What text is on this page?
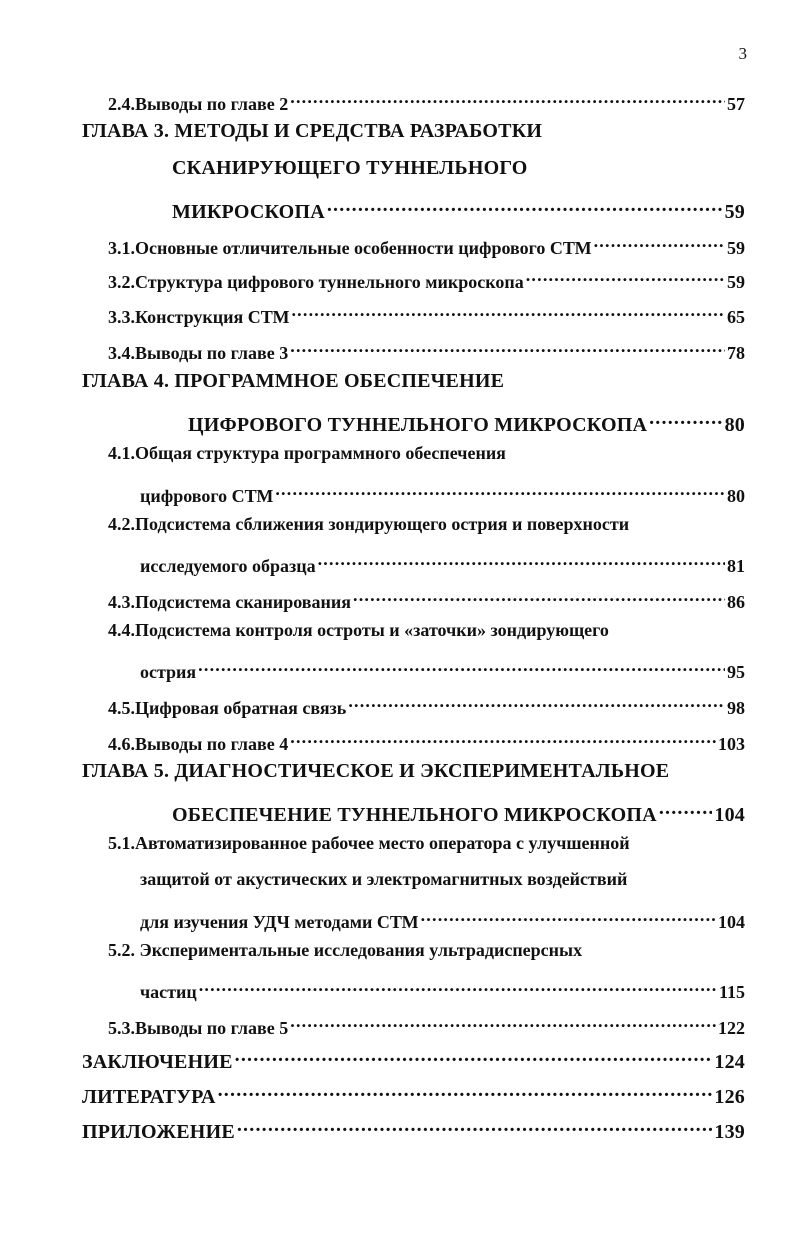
3
2.4.Выводы по главе 2 .....	57
ГЛАВА 3. МЕТОДЫ И СРЕДСТВА РАЗРАБОТКИ
СКАНИРУЮЩЕГО ТУННЕЛЬНОГО
МИКРОСКОПА .....	59
3.1.Основные отличительные особенности цифрового СТМ .....	59
3.2.Структура цифрового туннельного микроскопа .....	59
3.3.Конструкция СТМ .....	65
3.4.Выводы по главе 3 .....	78
ГЛАВА 4. ПРОГРАММНОЕ ОБЕСПЕЧЕНИЕ
ЦИФРОВОГО ТУННЕЛЬНОГО МИКРОСКОПА .....	80
4.1.Общая структура программного обеспечения
цифрового СТМ .....	80
4.2.Подсистема сближения зондирующего острия и поверхности
исследуемого образца .....	81
4.3.Подсистема сканирования .....	86
4.4.Подсистема контроля остроты и «заточки» зондирующего
острия .....	95
4.5.Цифровая обратная связь .....	98
4.6.Выводы по главе 4 .....	103
ГЛАВА 5. ДИАГНОСТИЧЕСКОЕ И ЭКСПЕРИМЕНТАЛЬНОЕ
ОБЕСПЕЧЕНИЕ ТУННЕЛЬНОГО МИКРОСКОПА .....	104
5.1.Автоматизированное рабочее место оператора с улучшенной
защитой от акустических и электромагнитных воздействий
для изучения УДЧ методами СТМ .....	104
5.2. Экспериментальные исследования ультрадисперсных
частиц .....	115
5.3.Выводы по главе 5 .....	122
ЗАКЛЮЧЕНИЕ .....	124
ЛИТЕРАТУРА .....	126
ПРИЛОЖЕНИЕ .....	139
